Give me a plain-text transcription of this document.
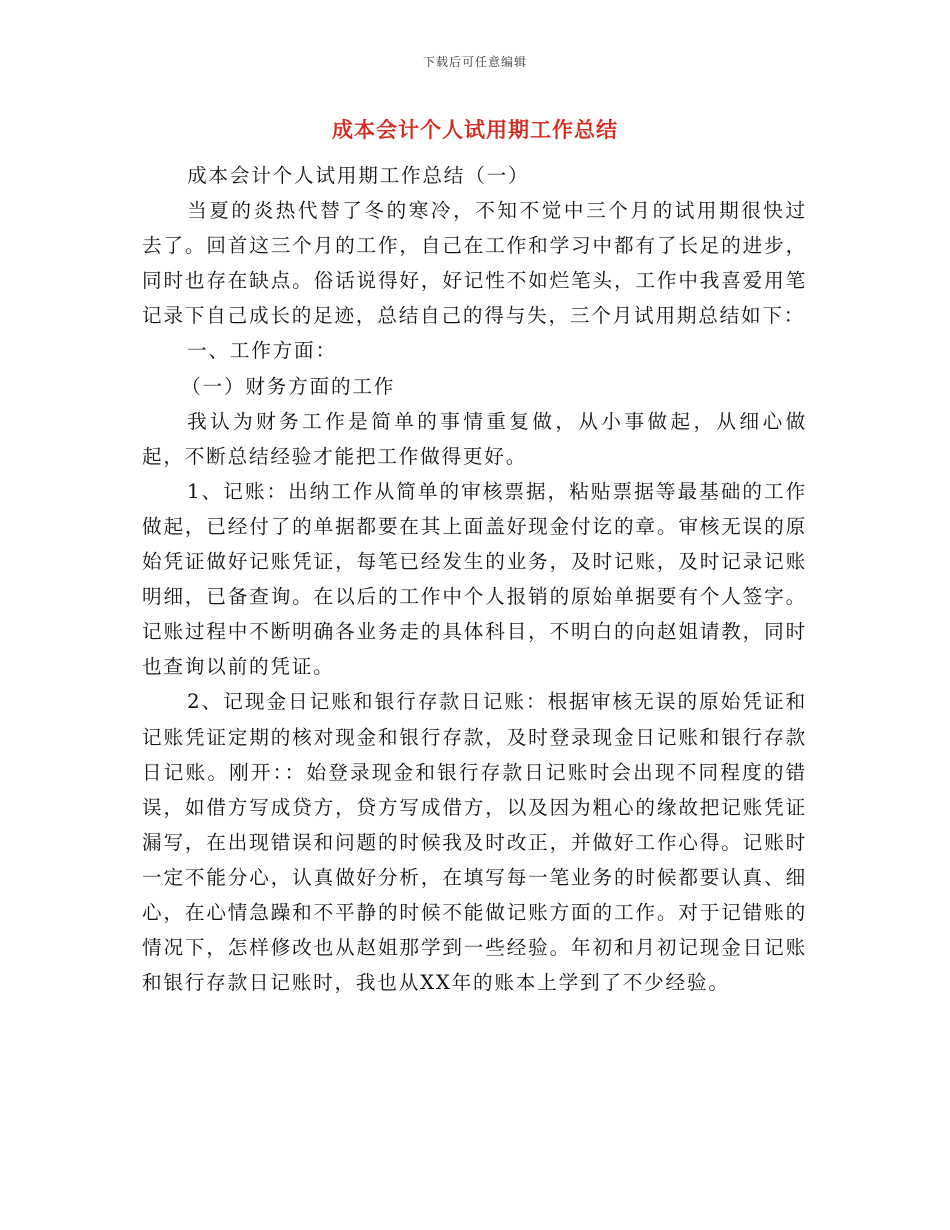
下载后可任意编辑
成本会计个人试用期工作总结

成本会计个人试用期工作总结（一）

当夏的炎热代替了冬的寒冷，不知不觉中三个月的试用期很快过去了。回首这三个月的工作，自己在工作和学习中都有了长足的进步，同时也存在缺点。俗话说得好，好记性不如烂笔头，工作中我喜爱用笔记录下自己成长的足迹，总结自己的得与失，三个月试用期总结如下：

一、工作方面：

（一）财务方面的工作

我认为财务工作是简单的事情重复做，从小事做起，从细心做起，不断总结经验才能把工作做得更好。

1、记账：出纳工作从简单的审核票据，粘贴票据等最基础的工作做起，已经付了的单据都要在其上面盖好现金付讫的章。审核无误的原始凭证做好记账凭证，每笔已经发生的业务，及时记账，及时记录记账明细，已备查询。在以后的工作中个人报销的原始单据要有个人签字。记账过程中不断明确各业务走的具体科目，不明白的向赵姐请教，同时也查询以前的凭证。

2、记现金日记账和银行存款日记账：根据审核无误的原始凭证和记账凭证定期的核对现金和银行存款，及时登录现金日记账和银行存款日记账。刚开：：始登录现金和银行存款日记账时会出现不同程度的错误，如借方写成贷方，贷方写成借方，以及因为粗心的缘故把记账凭证漏写，在出现错误和问题的时候我及时改正，并做好工作心得。记账时一定不能分心，认真做好分析，在填写每一笔业务的时候都要认真、细心，在心情急躁和不平静的时候不能做记账方面的工作。对于记错账的情况下，怎样修改也从赵姐那学到一些经验。年初和月初记现金日记账和银行存款日记账时，我也从XX年的账本上学到了不少经验。
